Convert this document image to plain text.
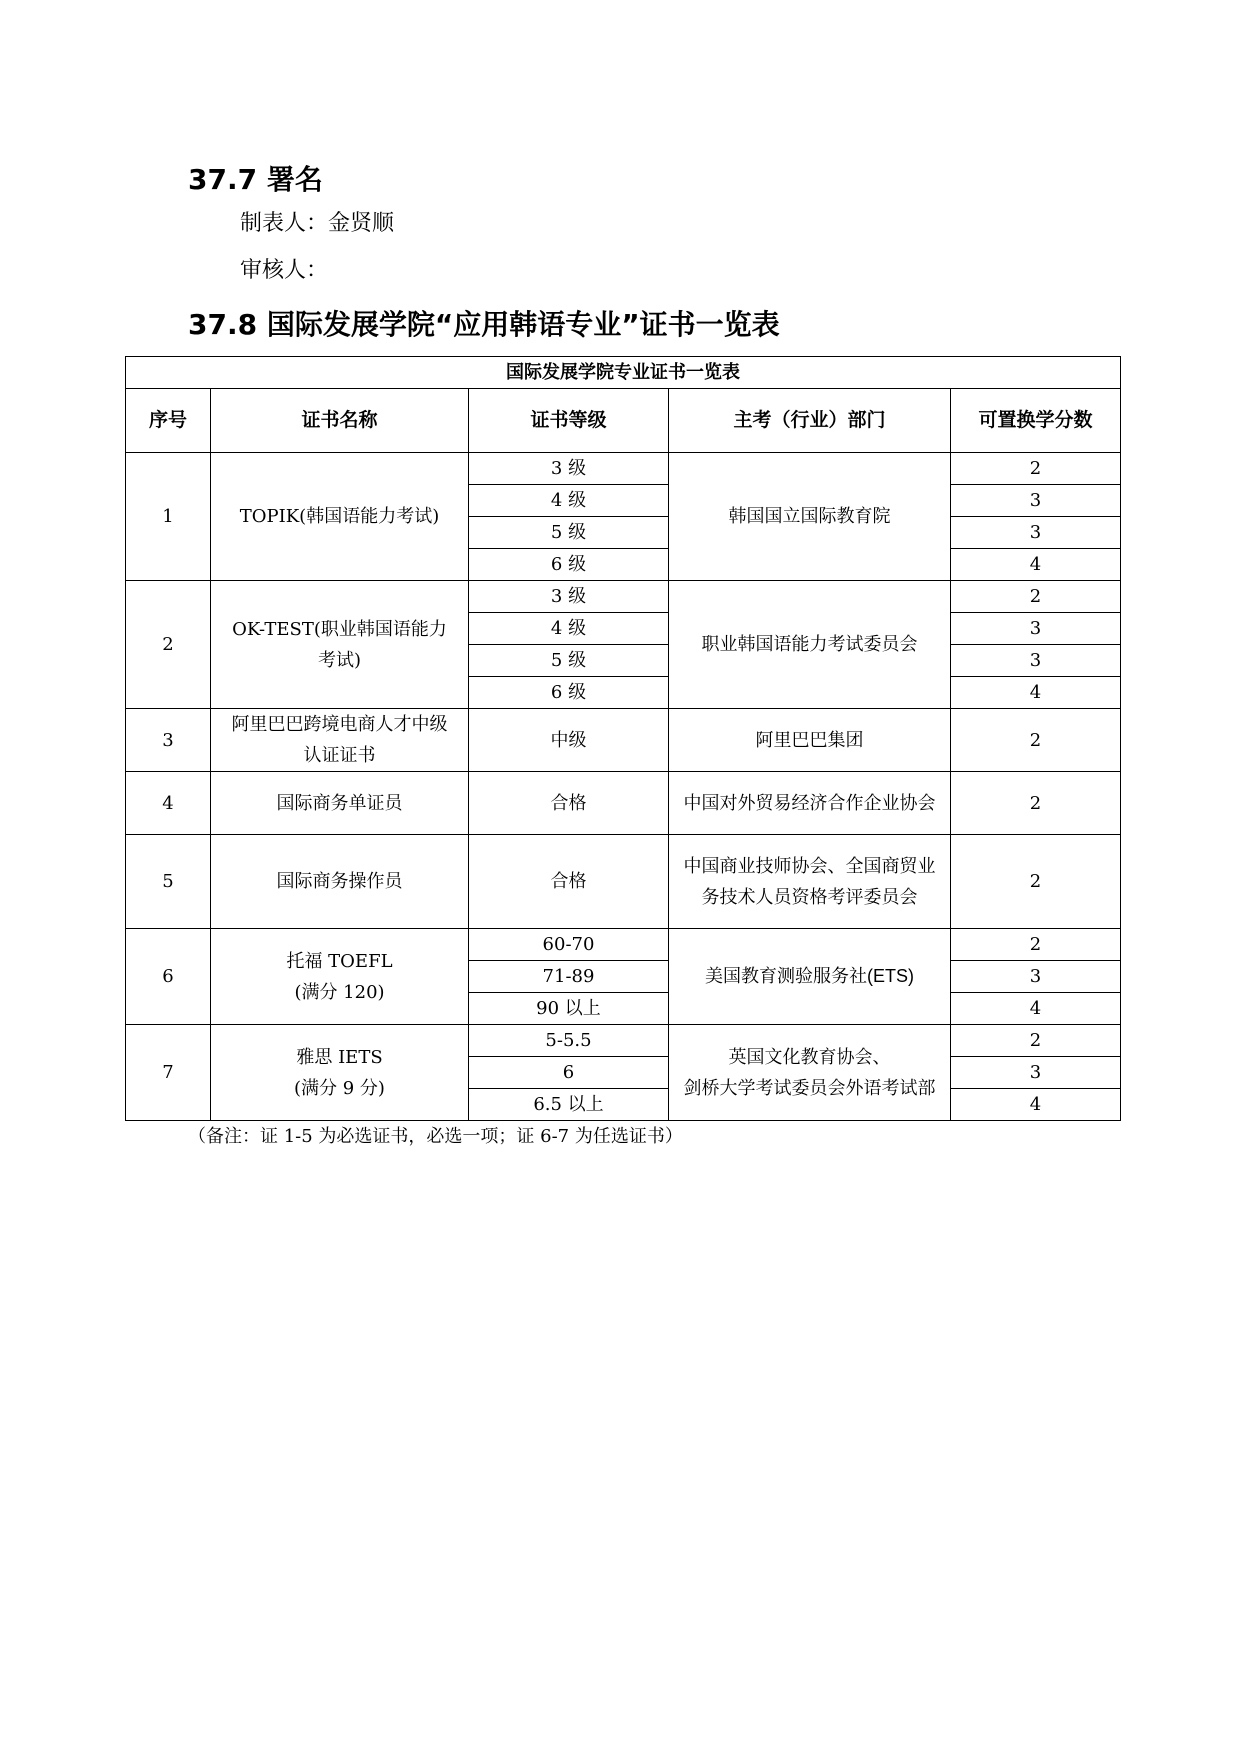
37.7 署名

制表人：金贤顺

审核人：

37.8 国际发展学院“应用韩语专业”证书一览表
国际发展学院专业证书一览表				
序号	证书名称	证书等级	主考（行业）部门	可置换学分数
1	TOPIK(韩国语能力考试)	3 级	韩国国立国际教育院	2
		4 级		3
		5 级		3
		6 级		4
2	OK-TEST(职业韩国语能力考试)	3 级	职业韩国语能力考试委员会	2
		4 级		3
		5 级		3
		6 级		4
3	阿里巴巴跨境电商人才中级认证证书	中级	阿里巴巴集团	2
4	国际商务单证员	合格	中国对外贸易经济合作企业协会	2
5	国际商务操作员	合格	中国商业技师协会、全国商贸业务技术人员资格考评委员会	2
6	托福 TOEFL
(满分 120)	60-70	美国教育测验服务社(ETS)	2
		71-89		3
		90 以上		4
7	雅思 IETS
(满分 9 分)	5-5.5	英国文化教育协会、
剑桥大学考试委员会外语考试部	2
		6		3
		6.5 以上		4

（备注：证 1-5 为必选证书，必选一项；证 6-7 为任选证书）
